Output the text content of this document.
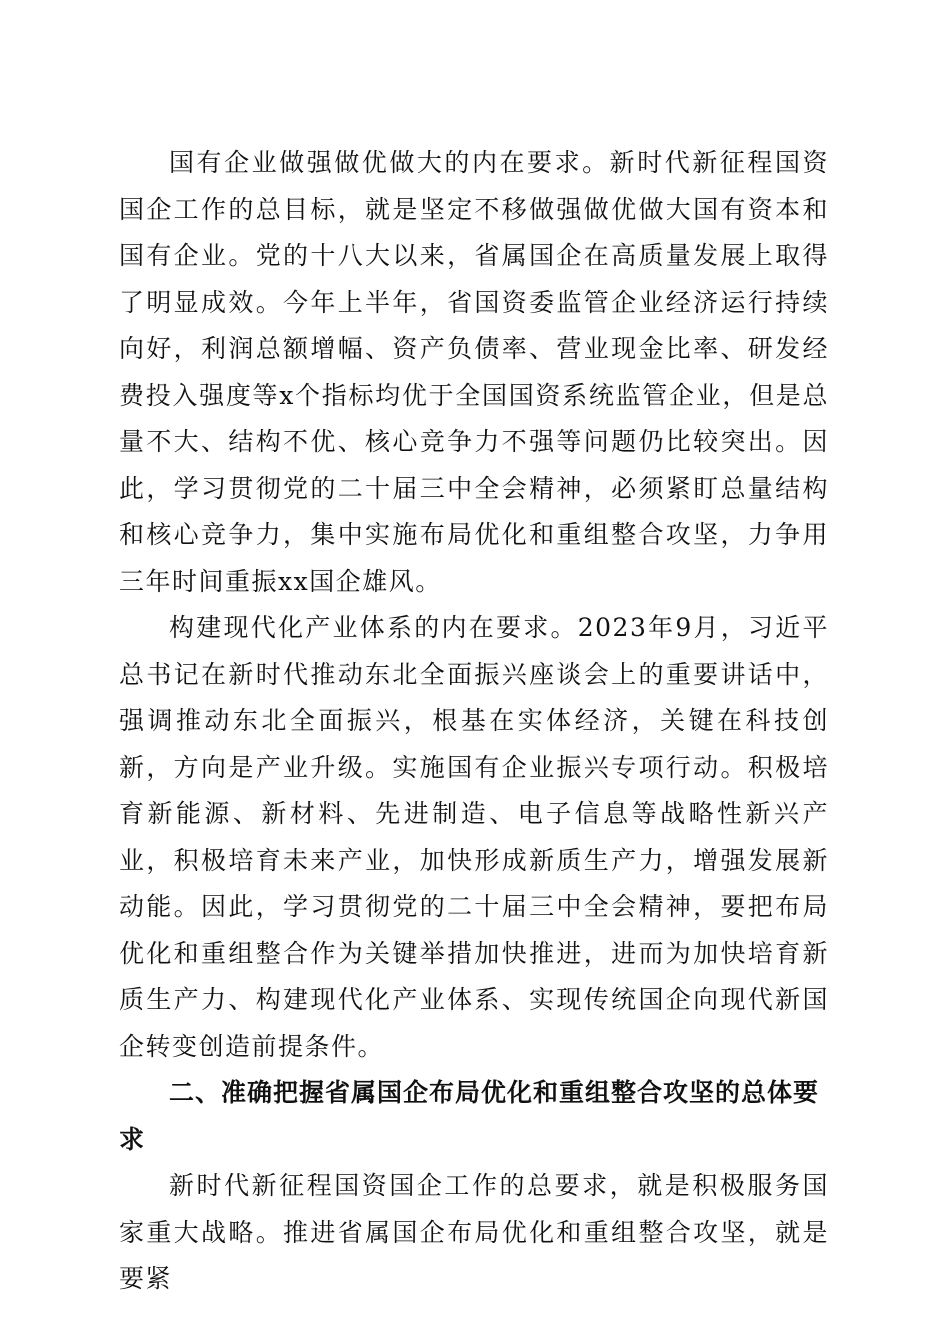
国有企业做强做优做大的内在要求。新时代新征程国资国企工作的总目标，就是坚定不移做强做优做大国有资本和国有企业。党的十八大以来，省属国企在高质量发展上取得了明显成效。今年上半年，省国资委监管企业经济运行持续向好，利润总额增幅、资产负债率、营业现金比率、研发经费投入强度等x个指标均优于全国国资系统监管企业，但是总量不大、结构不优、核心竞争力不强等问题仍比较突出。因此，学习贯彻党的二十届三中全会精神，必须紧盯总量结构和核心竞争力，集中实施布局优化和重组整合攻坚，力争用三年时间重振xx国企雄风。

构建现代化产业体系的内在要求。2023年9月，习近平总书记在新时代推动东北全面振兴座谈会上的重要讲话中，强调推动东北全面振兴，根基在实体经济，关键在科技创新，方向是产业升级。实施国有企业振兴专项行动。积极培育新能源、新材料、先进制造、电子信息等战略性新兴产业，积极培育未来产业，加快形成新质生产力，增强发展新动能。因此，学习贯彻党的二十届三中全会精神，要把布局优化和重组整合作为关键举措加快推进，进而为加快培育新质生产力、构建现代化产业体系、实现传统国企向现代新国企转变创造前提条件。

二、准确把握省属国企布局优化和重组整合攻坚的总体要求

新时代新征程国资国企工作的总要求，就是积极服务国家重大战略。推进省属国企布局优化和重组整合攻坚，就是要紧
